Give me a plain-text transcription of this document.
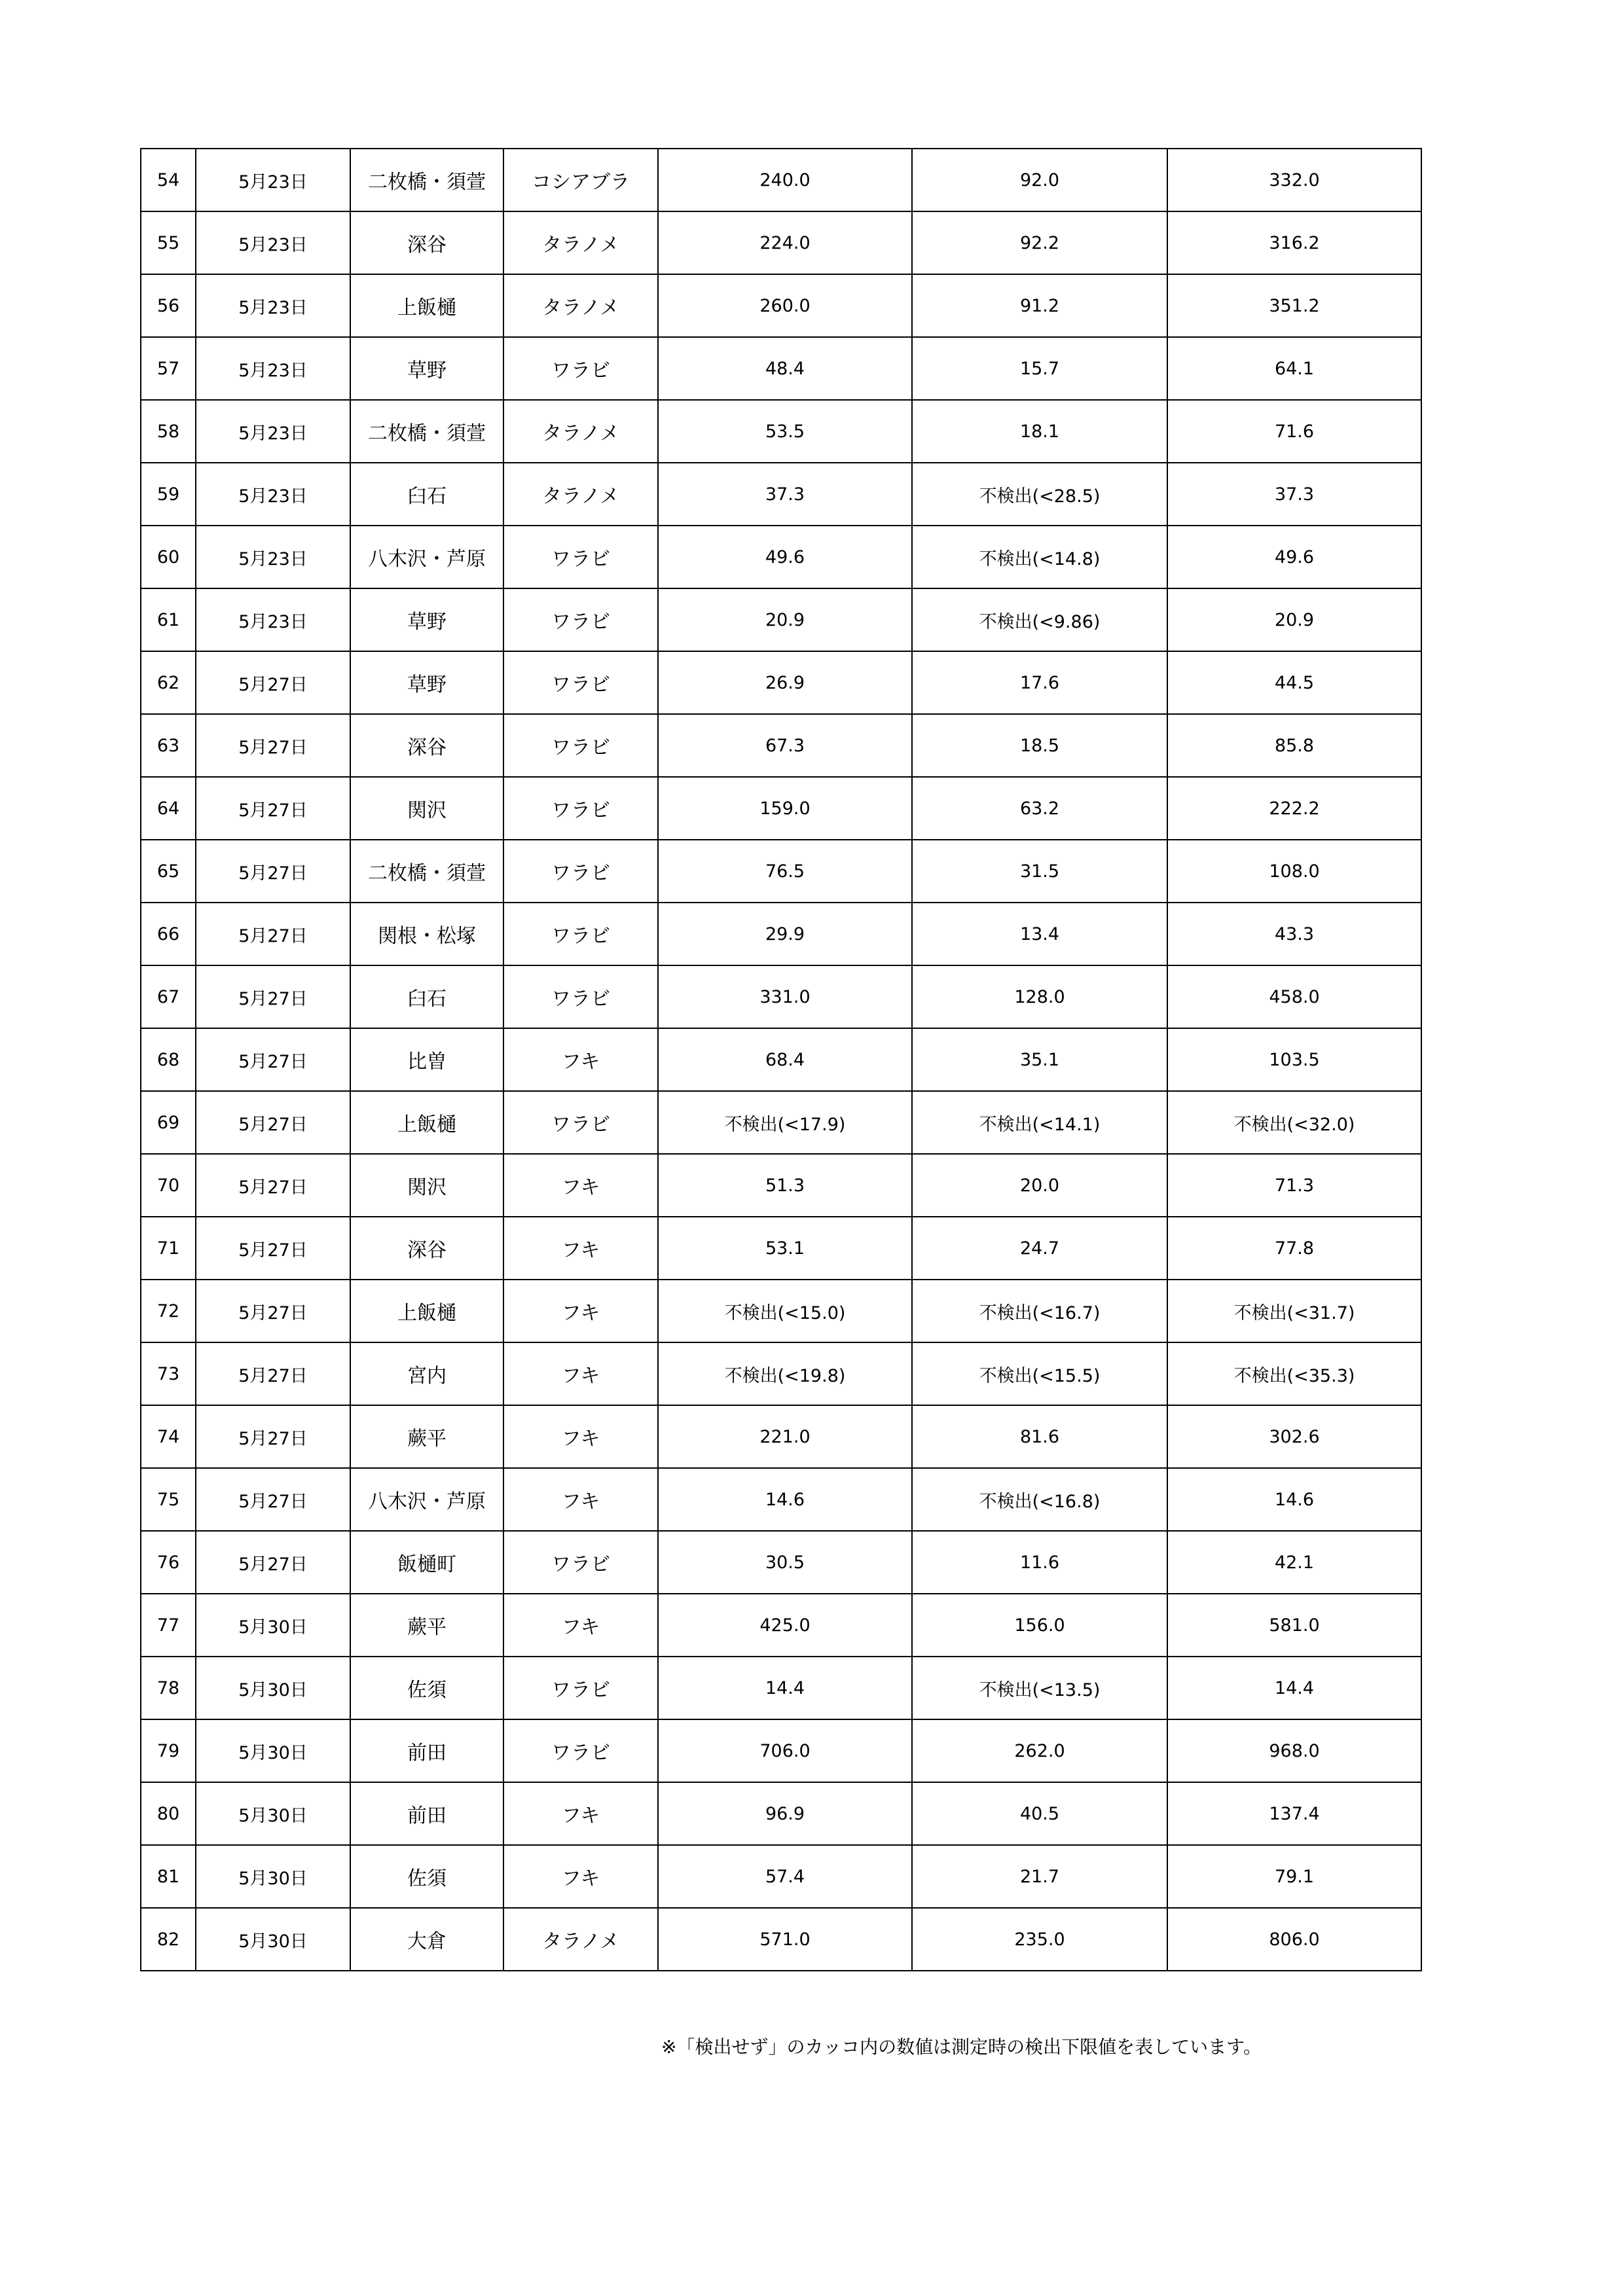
54	5月23日	二枚橋・須萱	コシアブラ	240.0	92.0	332.0
55	5月23日	深谷	タラノメ	224.0	92.2	316.2
56	5月23日	上飯樋	タラノメ	260.0	91.2	351.2
57	5月23日	草野	ワラビ	48.4	15.7	64.1
58	5月23日	二枚橋・須萱	タラノメ	53.5	18.1	71.6
59	5月23日	臼石	タラノメ	37.3	不検出(<28.5)	37.3
60	5月23日	八木沢・芦原	ワラビ	49.6	不検出(<14.8)	49.6
61	5月23日	草野	ワラビ	20.9	不検出(<9.86)	20.9
62	5月27日	草野	ワラビ	26.9	17.6	44.5
63	5月27日	深谷	ワラビ	67.3	18.5	85.8
64	5月27日	関沢	ワラビ	159.0	63.2	222.2
65	5月27日	二枚橋・須萱	ワラビ	76.5	31.5	108.0
66	5月27日	関根・松塚	ワラビ	29.9	13.4	43.3
67	5月27日	臼石	ワラビ	331.0	128.0	458.0
68	5月27日	比曽	フキ	68.4	35.1	103.5
69	5月27日	上飯樋	ワラビ	不検出(<17.9)	不検出(<14.1)	不検出(<32.0)
70	5月27日	関沢	フキ	51.3	20.0	71.3
71	5月27日	深谷	フキ	53.1	24.7	77.8
72	5月27日	上飯樋	フキ	不検出(<15.0)	不検出(<16.7)	不検出(<31.7)
73	5月27日	宮内	フキ	不検出(<19.8)	不検出(<15.5)	不検出(<35.3)
74	5月27日	蕨平	フキ	221.0	81.6	302.6
75	5月27日	八木沢・芦原	フキ	14.6	不検出(<16.8)	14.6
76	5月27日	飯樋町	ワラビ	30.5	11.6	42.1
77	5月30日	蕨平	フキ	425.0	156.0	581.0
78	5月30日	佐須	ワラビ	14.4	不検出(<13.5)	14.4
79	5月30日	前田	ワラビ	706.0	262.0	968.0
80	5月30日	前田	フキ	96.9	40.5	137.4
81	5月30日	佐須	フキ	57.4	21.7	79.1
82	5月30日	大倉	タラノメ	571.0	235.0	806.0
※「検出せず」のカッコ内の数値は測定時の検出下限値を表しています。
